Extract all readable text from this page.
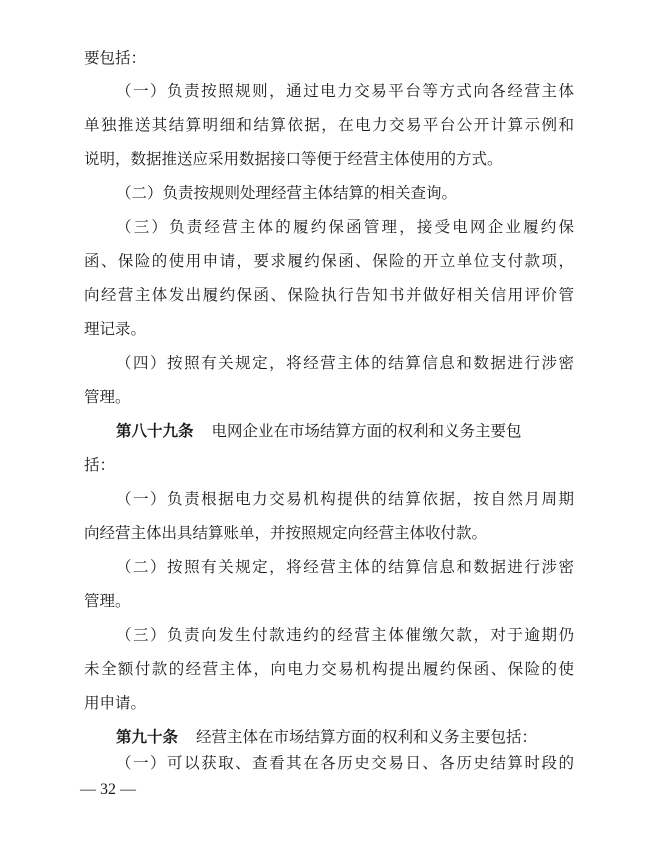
要包括：
（一）负责按照规则，通过电力交易平台等方式向各经营主体
单独推送其结算明细和结算依据，在电力交易平台公开计算示例和
说明，数据推送应采用数据接口等便于经营主体使用的方式。
（二）负责按规则处理经营主体结算的相关查询。
（三）负责经营主体的履约保函管理，接受电网企业履约保
函、保险的使用申请，要求履约保函、保险的开立单位支付款项，
向经营主体发出履约保函、保险执行告知书并做好相关信用评价管
理记录。
（四）按照有关规定，将经营主体的结算信息和数据进行涉密
管理。
第八十九条 电网企业在市场结算方面的权利和义务主要包
括：
（一）负责根据电力交易机构提供的结算依据，按自然月周期
向经营主体出具结算账单，并按照规定向经营主体收付款。
（二）按照有关规定，将经营主体的结算信息和数据进行涉密
管理。
（三）负责向发生付款违约的经营主体催缴欠款，对于逾期仍
未全额付款的经营主体，向电力交易机构提出履约保函、保险的使
用申请。
第九十条 经营主体在市场结算方面的权利和义务主要包括：
（一）可以获取、查看其在各历史交易日、各历史结算时段的
— 32 —
